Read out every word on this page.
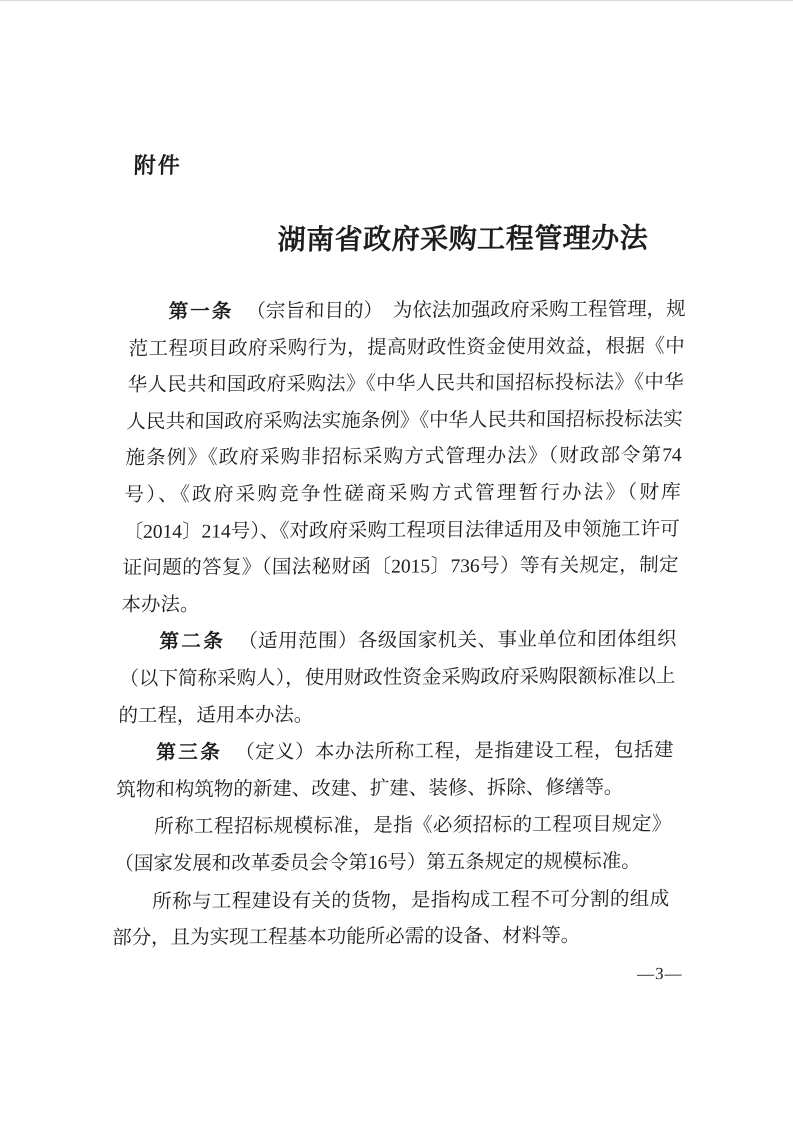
附件
湖南省政府采购工程管理办法

第一条 （宗旨和目的）　为依法加强政府采购工程管理，规范工程项目政府采购行为，提高财政性资金使用效益，根据《中华人民共和国政府采购法》《中华人民共和国招标投标法》《中华人民共和国政府采购法实施条例》《中华人民共和国招标投标法实施条例》《政府采购非招标采购方式管理办法》（财政部令第74号）、《政府采购竞争性磋商采购方式管理暂行办法》（财库〔2014〕214号）、《对政府采购工程项目法律适用及申领施工许可证问题的答复》（国法秘财函〔2015〕736号）等有关规定，制定本办法。

第二条 （适用范围）各级国家机关、事业单位和团体组织（以下简称采购人），使用财政性资金采购政府采购限额标准以上的工程，适用本办法。

第三条 （定义）本办法所称工程，是指建设工程，包括建筑物和构筑物的新建、改建、扩建、装修、拆除、修缮等。

所称工程招标规模标准，是指《必须招标的工程项目规定》（国家发展和改革委员会令第16号）第五条规定的规模标准。

所称与工程建设有关的货物，是指构成工程不可分割的组成部分，且为实现工程基本功能所必需的设备、材料等。

—3—
